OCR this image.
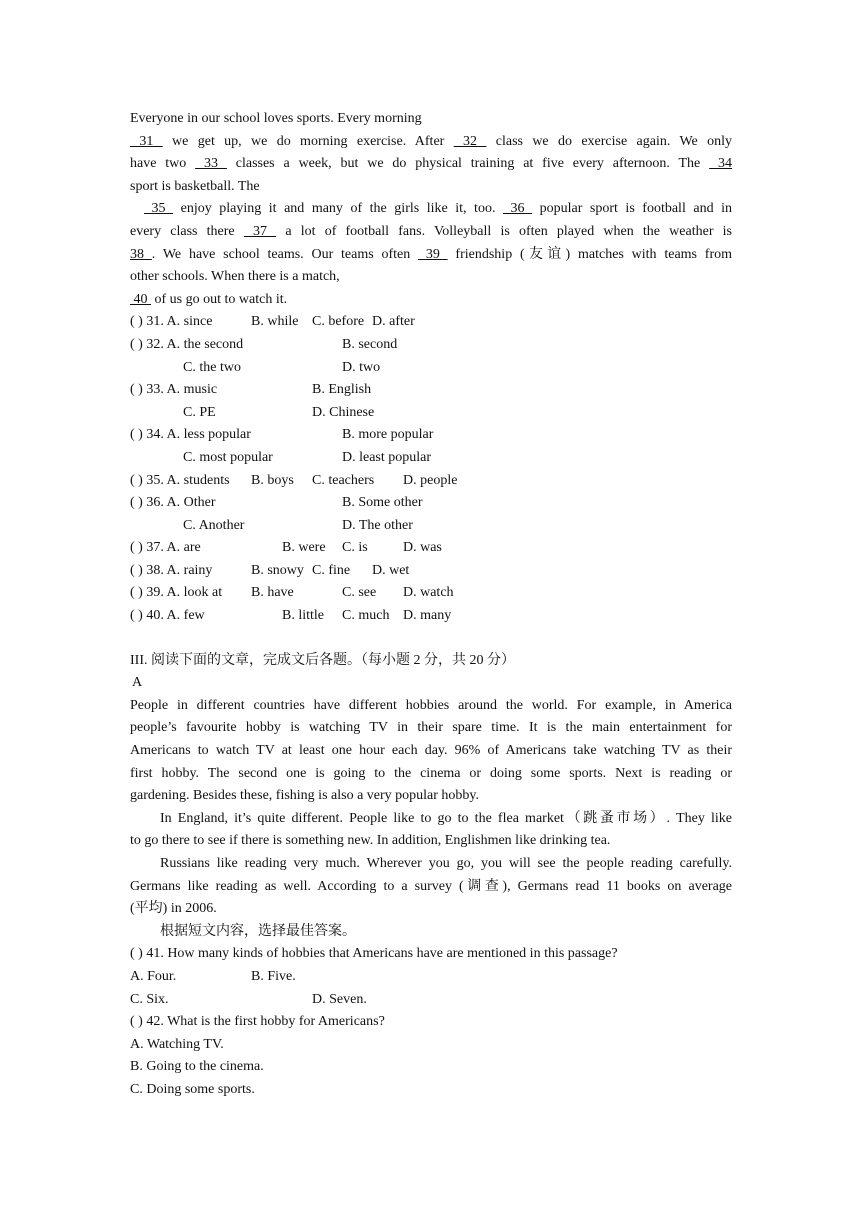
Everyone in our school loves sports. Every morning
31  we get up, we do morning exercise. After  32  class we do exercise again. We only
have two  33  classes a week, but we do physical training at five every afternoon. The  34
sport is basketball. The
35  enjoy playing it and many of the girls like it, too.  36  popular sport is football and in
every class there  37  a lot of football fans. Volleyball is often played when the weather is
38 . We have school teams. Our teams often  39  friendship (友谊) matches with teams from
other schools. When there is a match,
40  of us go out to watch it.
( ) 31. A. since	B. while C. before D. after
( ) 32. A. the second	B. second
C. the two	D. two
( ) 33. A. music	B. English
C. PE	D. Chinese
( ) 34. A. less popular	B. more popular
C. most popular	D. least popular
( ) 35. A. students B. boys C. teachers D. people
( ) 36. A. Other	B. Some other
C. Another	D. The other
( ) 37. A. are	B. were C. is	D. was
( ) 38. A. rainy	B. snowy C. fine D. wet
( ) 39. A. look at B. have	C. see D. watch
( ) 40. A. few	B. little C. much D. many
III. 阅读下面的文章，完成文后各题。（每小题 2 分，共 20 分）
A
People in different countries have different hobbies around the world. For example, in America
people’s favourite hobby is watching TV in their spare time. It is the main entertainment for
Americans to watch TV at least one hour each day. 96% of Americans take watching TV as their
first hobby. The second one is going to the cinema or doing some sports. Next is reading or
gardening. Besides these, fishing is also a very popular hobby.
In England, it’s quite different. People like to go to the flea market（跳蚤市场）. They like
to go there to see if there is something new. In addition, Englishmen like drinking tea.
Russians like reading very much. Wherever you go, you will see the people reading carefully.
Germans like reading as well. According to a survey (调查), Germans read 11 books on average
(平均) in 2006.
根据短文内容，选择最佳答案。
( ) 41. How many kinds of hobbies that Americans have are mentioned in this passage?
A. Four.	B. Five.
C. Six.	D. Seven.
( ) 42. What is the first hobby for Americans?
A. Watching TV.
B. Going to the cinema.
C. Doing some sports.
